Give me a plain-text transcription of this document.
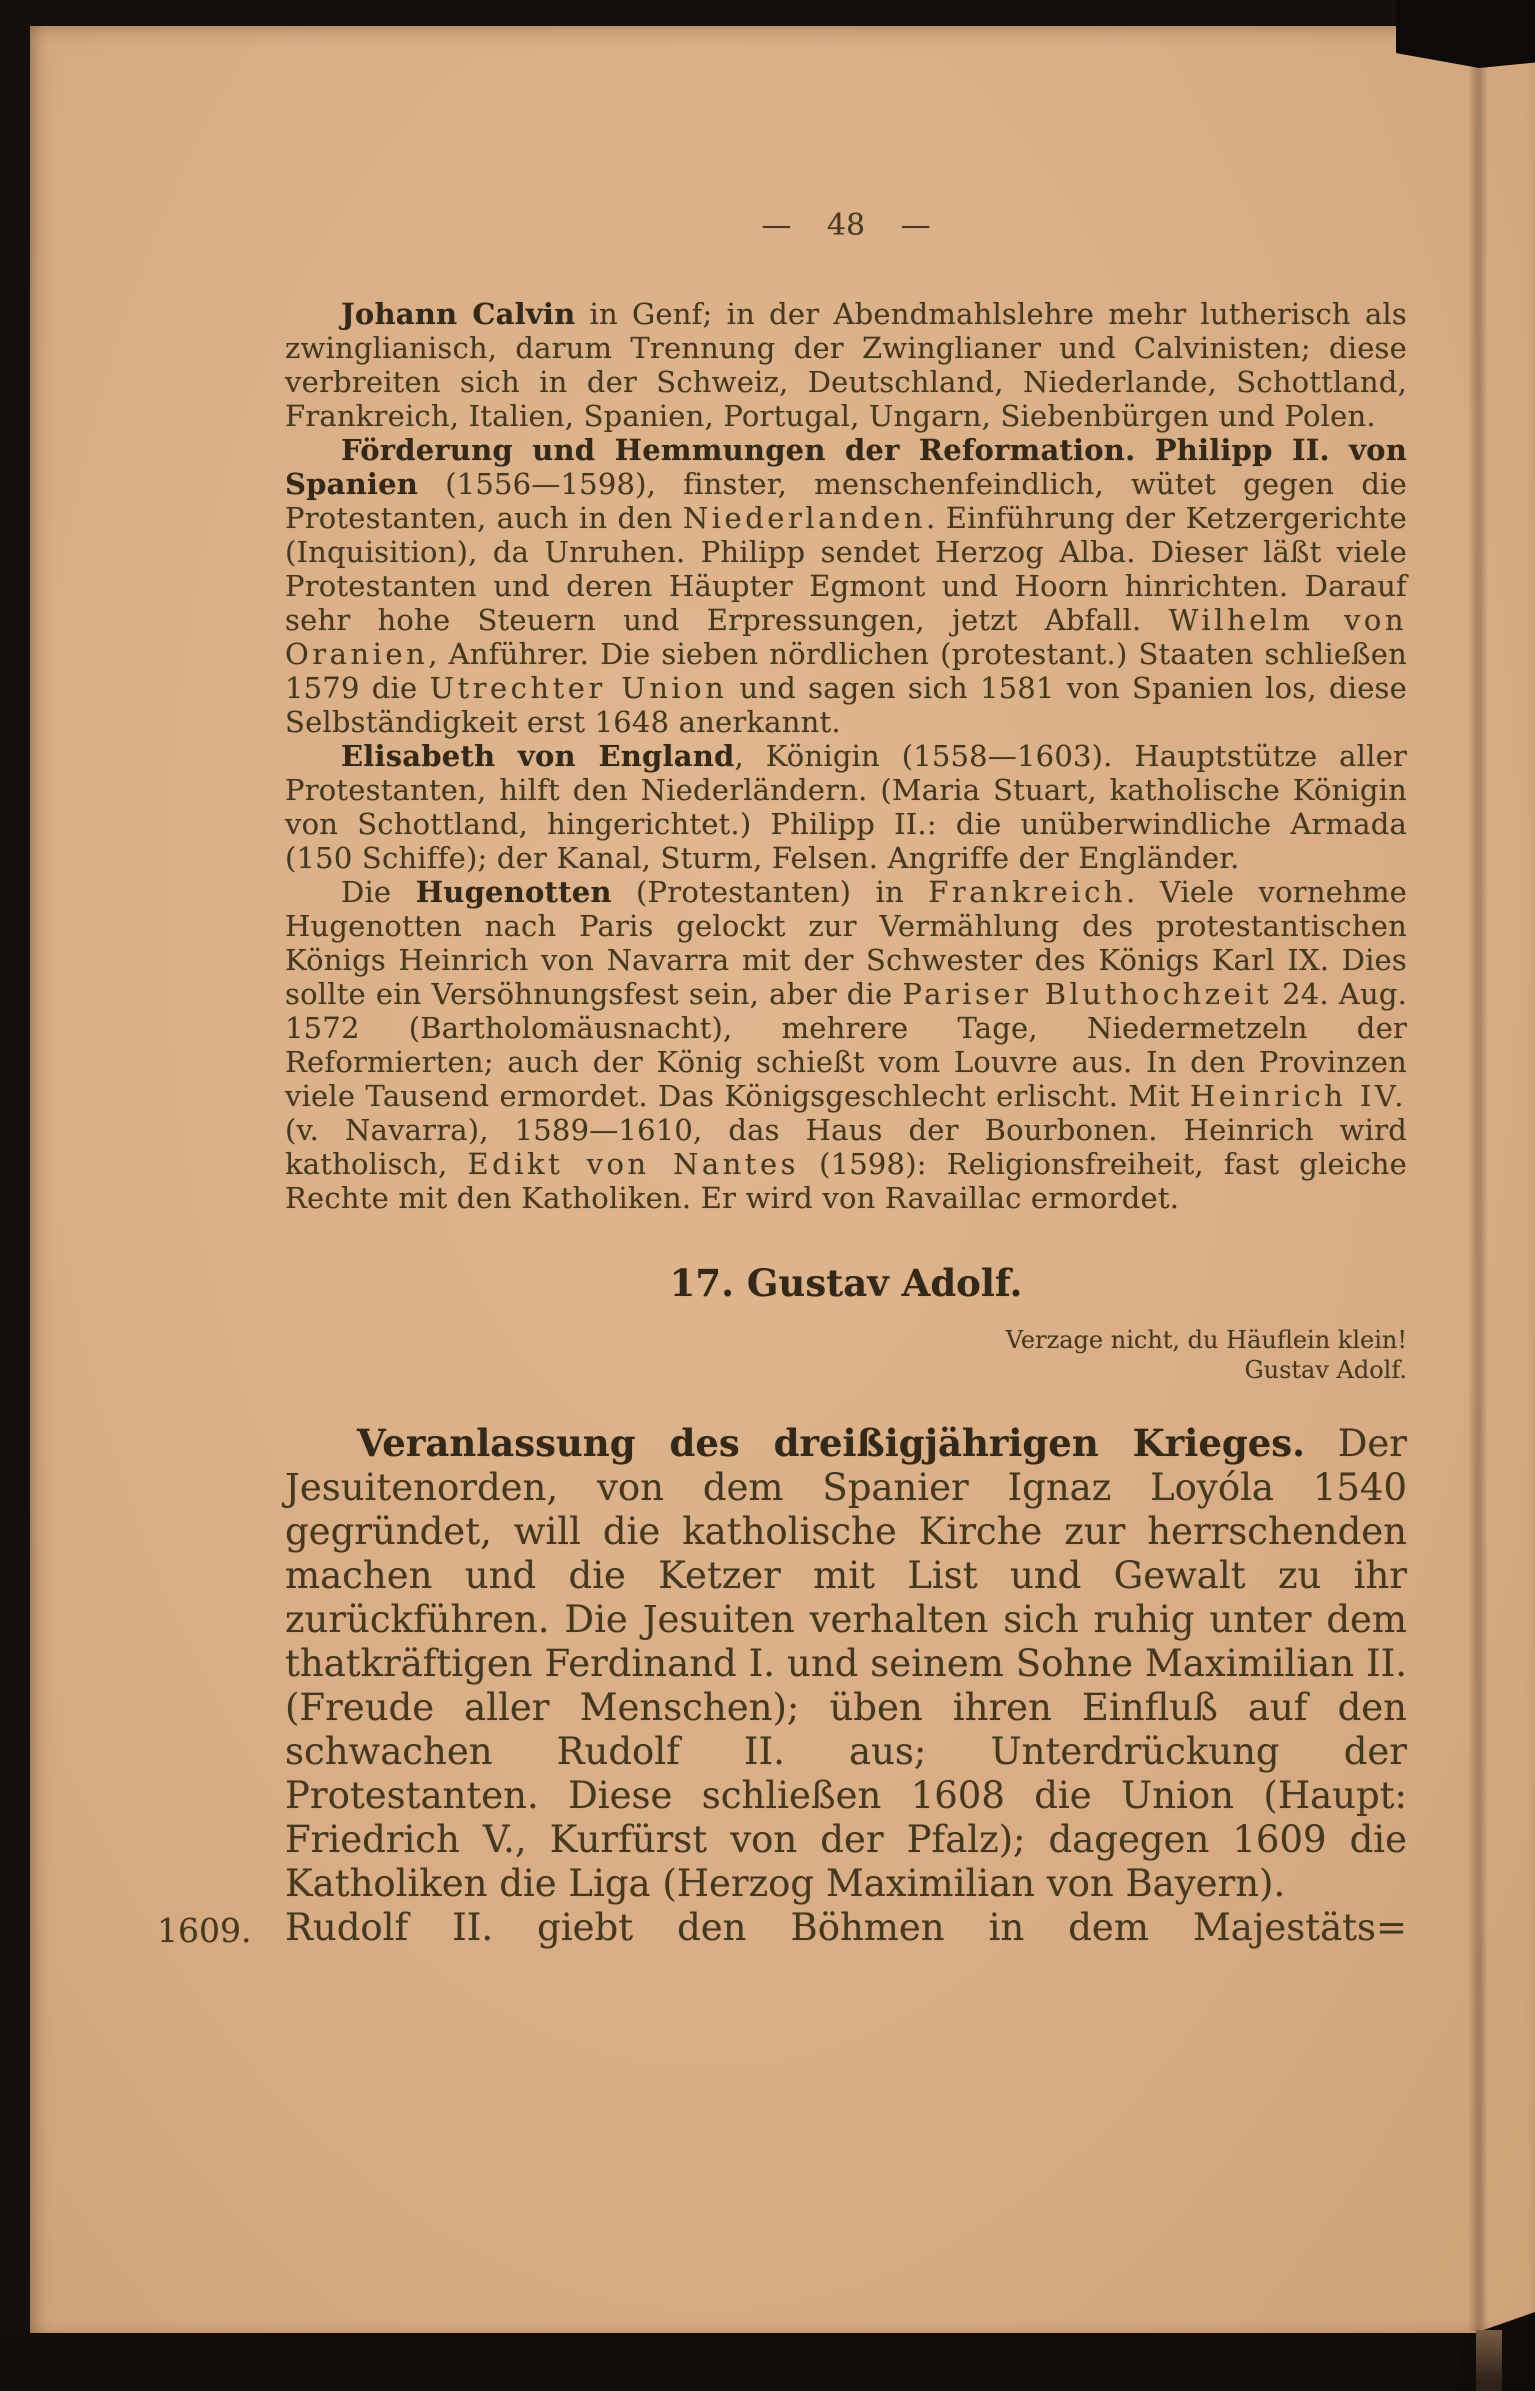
— 48 —

Johann Calvin in Genf; in der Abendmahlslehre mehr lutherisch als zwinglianisch, darum Trennung der Zwinglianer und Calvinisten; diese verbreiten sich in der Schweiz, Deutschland, Niederlande, Schottland, Frankreich, Italien, Spanien, Portugal, Ungarn, Siebenbürgen und Polen.

Förderung und Hemmungen der Reformation. Philipp II. von Spanien (1556—1598), finster, menschenfeindlich, wütet gegen die Protestanten, auch in den Niederlanden. Einführung der Ketzergerichte (Inquisition), da Unruhen. Philipp sendet Herzog Alba. Dieser läßt viele Protestanten und deren Häupter Egmont und Hoorn hinrichten. Darauf sehr hohe Steuern und Erpressungen, jetzt Abfall. Wilhelm von Oranien, Anführer. Die sieben nördlichen (protestant.) Staaten schließen 1579 die Utrechter Union und sagen sich 1581 von Spanien los, diese Selbständigkeit erst 1648 anerkannt.

Elisabeth von England, Königin (1558—1603). Hauptstütze aller Protestanten, hilft den Niederländern. (Maria Stuart, katholische Königin von Schottland, hingerichtet.) Philipp II.: die unüberwindliche Armada (150 Schiffe); der Kanal, Sturm, Felsen. Angriffe der Engländer.

Die Hugenotten (Protestanten) in Frankreich. Viele vornehme Hugenotten nach Paris gelockt zur Vermählung des protestantischen Königs Heinrich von Navarra mit der Schwester des Königs Karl IX. Dies sollte ein Versöhnungsfest sein, aber die Pariser Bluthochzeit 24. Aug. 1572 (Bartholomäusnacht), mehrere Tage, Niedermetzeln der Reformierten; auch der König schießt vom Louvre aus. In den Provinzen viele Tausend ermordet. Das Königsgeschlecht erlischt. Mit Heinrich IV. (v. Navarra), 1589—1610, das Haus der Bourbonen. Heinrich wird katholisch, Edikt von Nantes (1598): Religionsfreiheit, fast gleiche Rechte mit den Katholiken. Er wird von Ravaillac ermordet.

17. Gustav Adolf.
Verzage nicht, du Häuflein klein!
Gustav Adolf.

Veranlassung des dreißigjährigen Krieges. Der Jesuitenorden, von dem Spanier Ignaz Loyóla 1540 gegründet, will die katholische Kirche zur herrschenden machen und die Ketzer mit List und Gewalt zu ihr zurückführen. Die Jesuiten verhalten sich ruhig unter dem thatkräftigen Ferdinand I. und seinem Sohne Maximilian II. (Freude aller Menschen); üben ihren Einfluß auf den schwachen Rudolf II. aus; Unterdrückung der Protestanten. Diese schließen 1608 die Union (Haupt: Friedrich V., Kurfürst von der Pfalz); dagegen 1609 die Katholiken die Liga (Herzog Maximilian von Bayern).

1609. Rudolf II. giebt den Böhmen in dem Majestäts=
